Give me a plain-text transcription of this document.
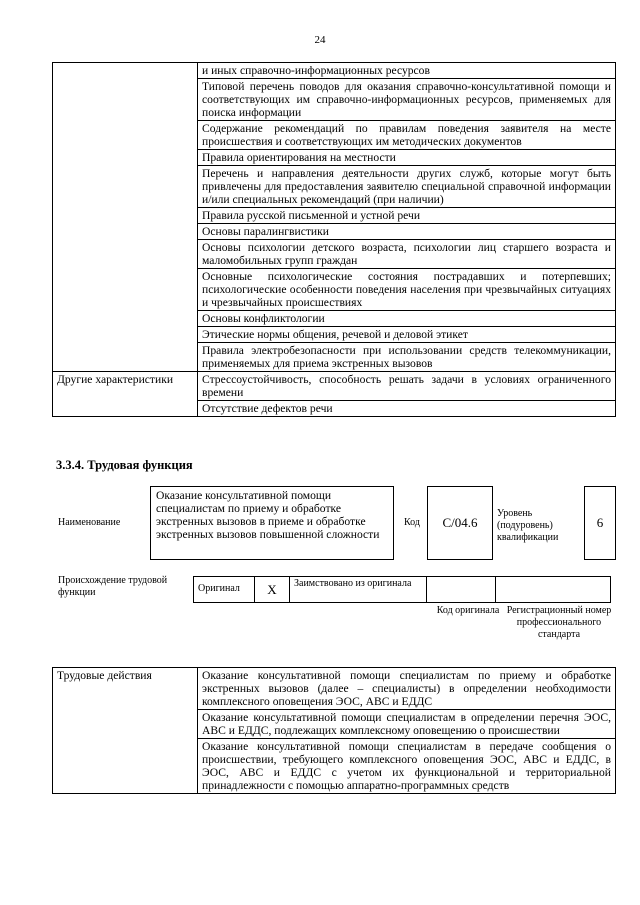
24
	и иных справочно-информационных ресурсов
	Типовой перечень поводов для оказания справочно-консультативной помощи и соответствующих им справочно-информационных ресурсов, применяемых для поиска информации
	Содержание рекомендаций по правилам поведения заявителя на месте происшествия и соответствующих им методических документов
	Правила ориентирования на местности
	Перечень и направления деятельности других служб, которые могут быть привлечены для предоставления заявителю специальной справочной информации и/или специальных рекомендаций (при наличии)
	Правила русской письменной и устной речи
	Основы паралингвистики
	Основы психологии детского возраста, психологии лиц старшего возраста и маломобильных групп граждан
	Основные психологические состояния пострадавших и потерпевших; психологические особенности поведения населения при чрезвычайных ситуациях и чрезвычайных происшествиях
	Основы конфликтологии
	Этические нормы общения, речевой и деловой этикет
	Правила электробезопасности при использовании средств телекоммуникации, применяемых для приема экстренных вызовов
Другие характеристики	Стрессоустойчивость, способность решать задачи в условиях ограниченного времени
	Отсутствие дефектов речи
3.3.4. Трудовая функция
Наименование
Оказание консультативной помощи специалистам по приему и обработке экстренных вызовов в приеме и обработке экстренных вызовов повышенной сложности
Код	С/04.6
Уровень (подуровень) квалификации
6
Происхождение трудовой функции	Оригинал	X	Заимствовано из оригинала
Код оригинала Регистрационный номер профессионального стандарта
Трудовые действия	Оказание консультативной помощи специалистам по приему и обработке экстренных вызовов (далее – специалисты) в определении необходимости комплексного оповещения ЭОС, АВС и ЕДДС
Оказание консультативной помощи специалистам в определении перечня ЭОС, АВС и ЕДДС, подлежащих комплексному оповещению о происшествии
Оказание консультативной помощи специалистам в передаче сообщения о происшествии, требующего комплексного оповещения ЭОС, АВС и ЕДДС, в ЭОС, АВС и ЕДДС с учетом их функциональной и территориальной принадлежности с помощью аппаратно-программных средств
